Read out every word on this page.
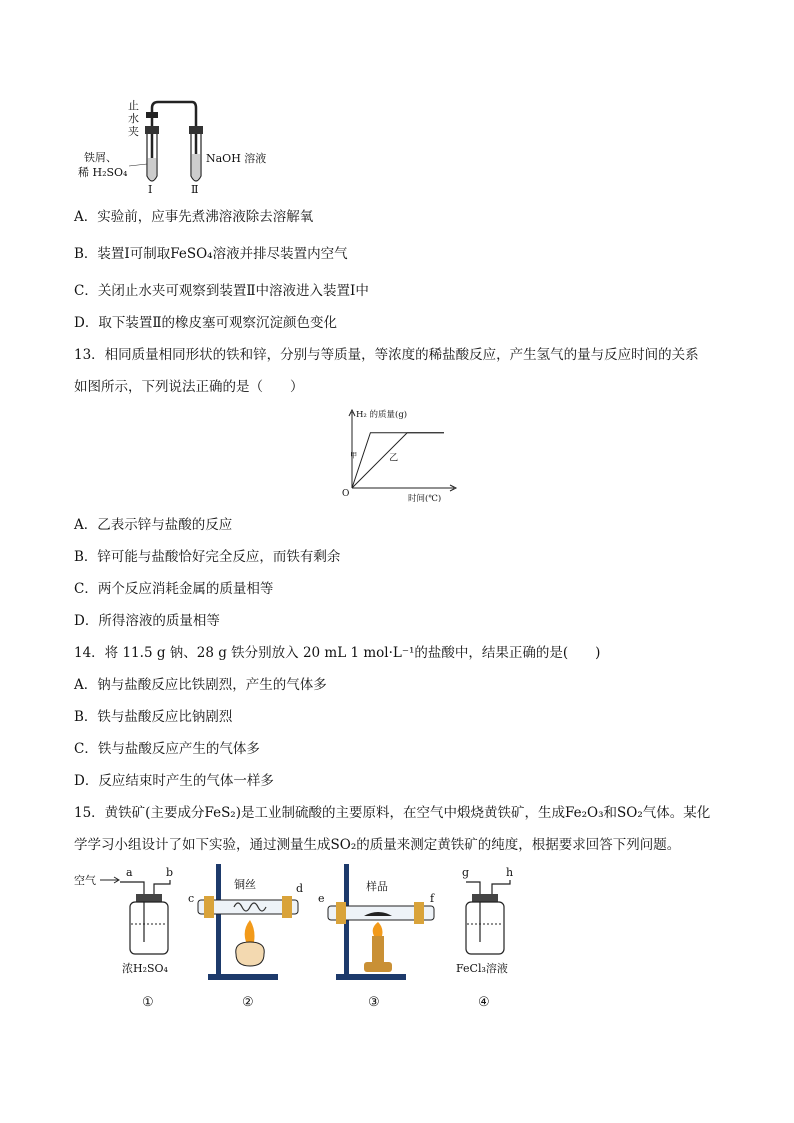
止
水
夹
铁屑、
稀 H₂SO₄
NaOH 溶液
Ⅰ	Ⅱ
A．实验前，应事先煮沸溶液除去溶解氧
B．装置Ⅰ可制取FeSO₄溶液并排尽装置内空气
C．关闭止水夹可观察到装置Ⅱ中溶液进入装置Ⅰ中
D．取下装置Ⅱ的橡皮塞可观察沉淀颜色变化
13．相同质量相同形状的铁和锌，分别与等质量，等浓度的稀盐酸反应，产生氢气的量与反应时间的关系
如图所示，下列说法正确的是（　　）
H₂ 的质量(g)
时间(℃)
O
甲	乙
A．乙表示锌与盐酸的反应
B．锌可能与盐酸恰好完全反应，而铁有剩余
C．两个反应消耗金属的质量相等
D．所得溶液的质量相等
14．将 11.5 g 钠、28 g 铁分别放入 20 mL 1 mol·L⁻¹的盐酸中，结果正确的是(　　)
A．钠与盐酸反应比铁剧烈，产生的气体多
B．铁与盐酸反应比钠剧烈
C．铁与盐酸反应产生的气体多
D．反应结束时产生的气体一样多
15．黄铁矿(主要成分FeS₂)是工业制硫酸的主要原料，在空气中煅烧黄铁矿，生成Fe₂O₃和SO₂气体。某化
学学习小组设计了如下实验，通过测量生成SO₂的质量来测定黄铁矿的纯度，根据要求回答下列问题。
空气
a	b
浓H₂SO₄
①
铜丝
c
d
②
样品
e	f
③
g	h
FeCl₃溶液
④
